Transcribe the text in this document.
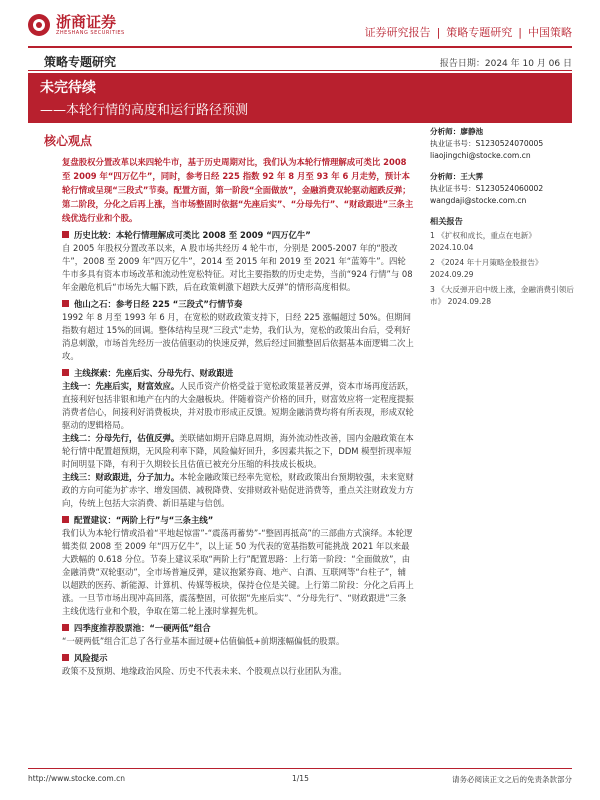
浙商证券
ZHESHANG SECURITIES	证券研究报告 | 策略专题研究 | 中国策略
策略专题研究	报告日期：2024 年 10 月 06 日
未完待续
——本轮行情的高度和运行路径预测
核心观点

复盘股权分置改革以来四轮牛市，基于历史周期对比，我们认为本轮行情理解成可类比 2008 至 2009 年“四万亿牛”，同时，参考日经 225 指数 92 年 8 月至 93 年 6 月走势，预计本轮行情或呈现“三段式”节奏。配置方面，第一阶段“全面做放”，金融消费双轮驱动超跌反弹；第二阶段，分化之后再上涨，当市场整固时依据“先座后实”、“分母先行”、“财政跟进”三条主线优选行业和个股。

历史比较：本轮行情理解成可类比 2008 至 2009 “四万亿牛”

自 2005 年股权分置改革以来，A 股市场共经历 4 轮牛市，分别是 2005-2007 年的“股改牛”，2008 至 2009 年“四万亿牛”，2014 至 2015 年和 2019 至 2021 年“蓝筹牛”。四轮牛市多具有资本市场改革和流动性宽松特征。对比主要指数的历史走势，当前“924 行情”与 08 年金融危机后“市场先大幅下跌，后在政策刺激下超跌大反弹”的情形高度相似。

他山之石：参考日经 225 “三段式”行情节奏

1992 年 8 月至 1993 年 6 月，在宽松的财政政策支持下，日经 225 涨幅超过 50%。但期间指数有超过 15%的回调。整体结构呈现“三段式”走势，我们认为，宽松的政策出台后，受利好消息刺激，市场首先经历一波估值驱动的快速反弹，然后经过回撤整固后依据基本面逻辑二次上攻。

主线探索：先座后实、分母先行、财政跟进

主线一：先座后实，财富效应。人民币资产价格受益于宽松政策显著反弹，资本市场再度活跃，直接利好包括非银和地产在内的大金融板块。伴随着资产价格的回升，财富效应将一定程度提振消费者信心，间接利好消费板块，并对股市形成正反馈。短期金融消费均将有所表现，形成双轮驱动的逻辑格局。

主线二：分母先行，估值反弹。美联储如期开启降息周期，海外流动性改善，国内金融政策在本轮行情中配置超预期，无风险利率下降，风险偏好回升，多因素共振之下，DDM 模型折现率短时间明显下降，有利于久期较长且估值已被充分压缩的科技成长板块。

主线三：财政跟进，分子加力。本轮金融政策已经率先宽松，财政政策出台预期较强，未来宽财政的方向可能为扩赤字、增发国债、减税降费、安排财政补贴促进消费等，重点关注财政发力方向，传统上包括大宗消费、新旧基建与信创。

配置建议：“两阶上行”与“三条主线”

我们认为本轮行情或沿着“平地起惊雷”-“震荡再蓄势”-“整固再抵高”的三部曲方式演绎。本轮逻辑类似 2008 至 2009 年“四万亿牛”，以上证 50 为代表的宽基指数可能挑战 2021 年以来最大跌幅的 0.618 分位。节奏上建议采取“两阶上行”配置思路：上行第一阶段：“全面做放”，由金融消费“双轮驱动”，全市场普遍反弹，建议抱紧券商、地产、白酒、互联网等“台柱子”，辅以超跌的医药、新能源、计算机、传媒等板块，保持仓位是关键。上行第二阶段：分化之后再上涨。一旦节市场出现冲高回落，震荡整固，可依据“先座后实”、“分母先行”、“财政跟进”三条主线优选行业和个股，争取在第二轮上涨时掌握先机。

四季度推荐股票池：“一硬两低”组合

“一硬两低”组合汇总了各行业基本面过硬+估值偏低+前期涨幅偏低的股票。

风险提示

政策不及预期、地缘政治风险、历史不代表未来、个股观点以行业团队为准。

分析师：廖静池
执业证书号：S1230524070005
liaojingchi@stocke.com.cn
分析师：王大霁
执业证书号：S1230524060002
wangdaji@stocke.com.cn
相关报告
1 《扩权和成长，重点在电新》 2024.10.04
2 《2024 年十月策略金股报告》 2024.09.29
3 《大反弹开启中级上涨，金融消费引领后市》 2024.09.28
http://www.stocke.com.cn	1/15	请务必阅读正文之后的免责条款部分
